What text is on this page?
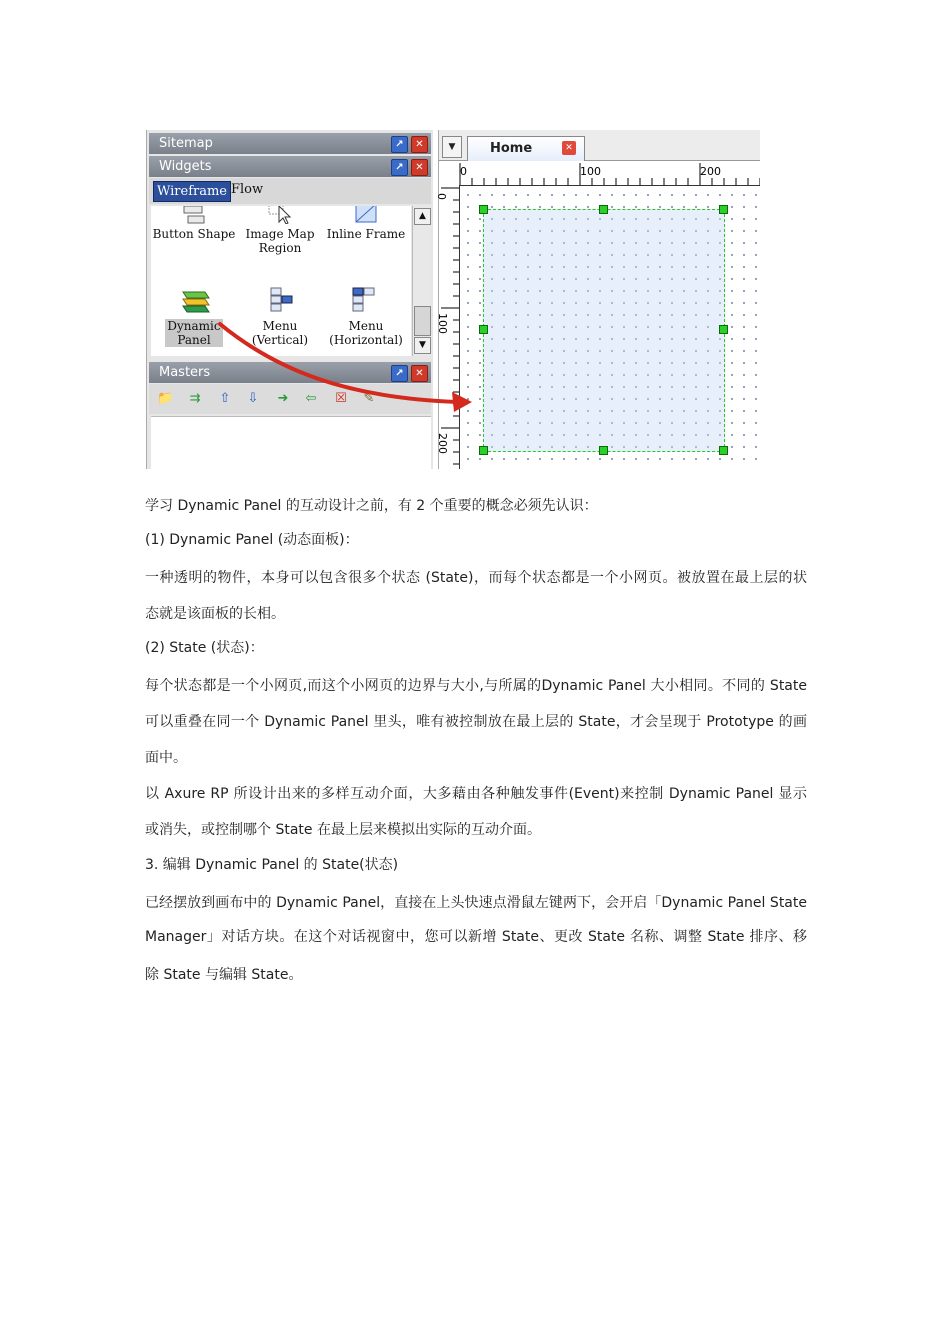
Sitemap	↗	✕
Widgets	↗	✕
Wireframe Flow
Button Shape Image Map
Region
Inline Frame
Dynamic
Panel
Menu
(Vertical)
Menu
(Horizontal)
▲
▼
Masters	↗	✕
📁 ⇉ ⇧ ⇩ ➜ ⇦ ☒ ✎
▼	Home	✕
0	100	200
0
100
200
学习 Dynamic Panel 的互动设计之前，有 2 个重要的概念必须先认识：
(1) Dynamic Panel (动态面板)：
一种透明的物件，本身可以包含很多个状态 (State)，而每个状态都是一个小网页。被放置在最上层的状
态就是该面板的长相。
(2) State (状态)：
每个状态都是一个小网页,而这个小网页的边界与大小,与所属的Dynamic Panel 大小相同。不同的 State
可以重叠在同一个 Dynamic Panel 里头，唯有被控制放在最上层的 State，才会呈现于 Prototype 的画
面中。
以 Axure RP 所设计出来的多样互动介面，大多藉由各种触发事件(Event)来控制 Dynamic Panel 显示
或消失，或控制哪个 State 在最上层来模拟出实际的互动介面。
3. 编辑 Dynamic Panel 的 State(状态)
已经摆放到画布中的 Dynamic Panel，直接在上头快速点滑鼠左键两下，会开启「Dynamic Panel State
Manager」对话方块。在这个对话视窗中，您可以新增 State、更改 State 名称、调整 State 排序、移
除 State 与编辑 State。
